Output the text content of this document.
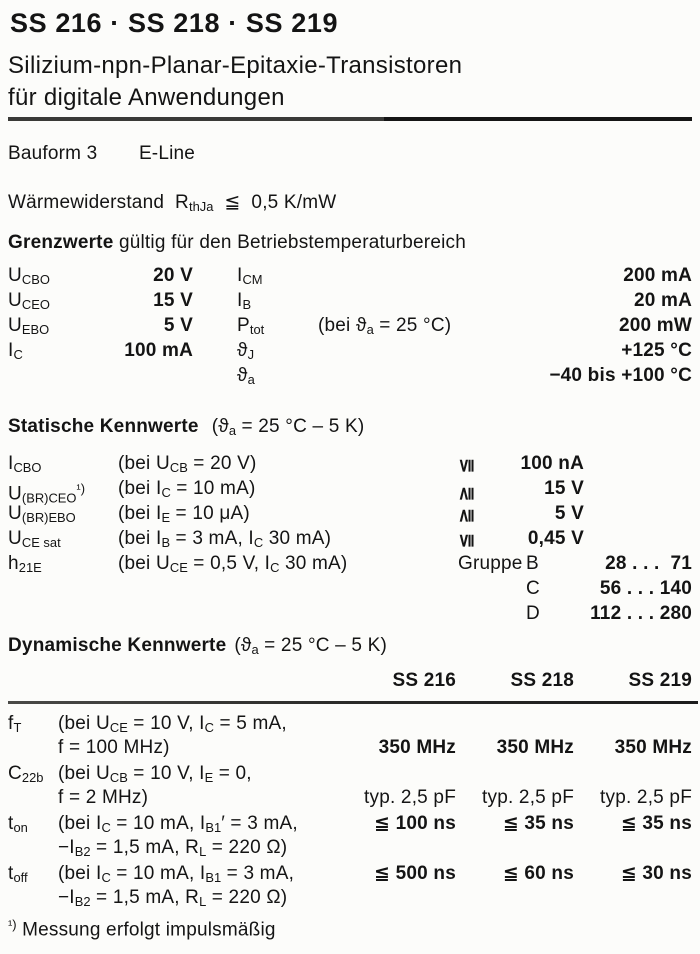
SS 216 · SS 218 · SS 219
Silizium-npn-Planar-Epitaxie-Transistoren
für digitale Anwendungen
Bauform 3 E-Line
Wärmewiderstand  $R_{thJa}$  ≦  0,5 K/mW
Grenzwerte gültig für den Betriebstemperaturbereich
$U_{CBO}$	20 V	$I_{CM}$	200 mA
$U_{CEO}$	15 V	$I_B$	20 mA
$U_{EBO}$	5 V	$P_{tot}$	(bei $ϑ_a = 25$ °C)	200 mW
$I_C$	100 mA	$ϑ_J$	+125 °C
$ϑ_a$	−40 bis +100 °C
Statische Kennwerte ($ϑ_a = 25$ °C – 5 K)
$I_{CBO}$	(bei $U_{CB} = 20$ V)	≦	100 nA
$U_{(BR)CEO}^{^1)}$	(bei $I_C = 10$ mA)	≧	15 V
$U_{(BR)EBO}$	(bei $I_E = 10$ μA)	≧	5 V
$U_{CE sat}$	(bei $I_B = 3$ mA, $I_C$ 30 mA)	≦	0,45 V
$h_{21E}$	(bei $U_{CE} = 0,5$ V, $I_C$ 30 mA)	Gruppe B	28 . . .  71
C	56 . . . 140
D	112 . . . 280
Dynamische Kennwerte ($ϑ_a = 25$ °C – 5 K)
SS 216	SS 218	SS 219
$f_T$	(bei $U_{CE} = 10$ V, $I_C = 5$ mA,
f = 100 MHz)	350 MHz	350 MHz	350 MHz
$C_{22b}$ (bei $U_{CB} = 10$ V, $I_E = 0$,
f = 2 MHz)	typ. 2,5 pF	typ. 2,5 pF	typ. 2,5 pF
$t_{on}$	(bei $I_C = 10$ mA, $I_{B1}' = 3$ mA,	≦ 100 ns	≦ 35 ns	≦ 35 ns
$-I_{B2} = 1,5$ mA, $R_L = 220$ Ω)
$t_{off}$	(bei $I_C = 10$ mA, $I_{B1} = 3$ mA,	≦ 500 ns	≦ 60 ns	≦ 30 ns
$-I_{B2} = 1,5$ mA, $R_L = 220$ Ω)
$^{^1)}$ Messung erfolgt impulsmäßig
